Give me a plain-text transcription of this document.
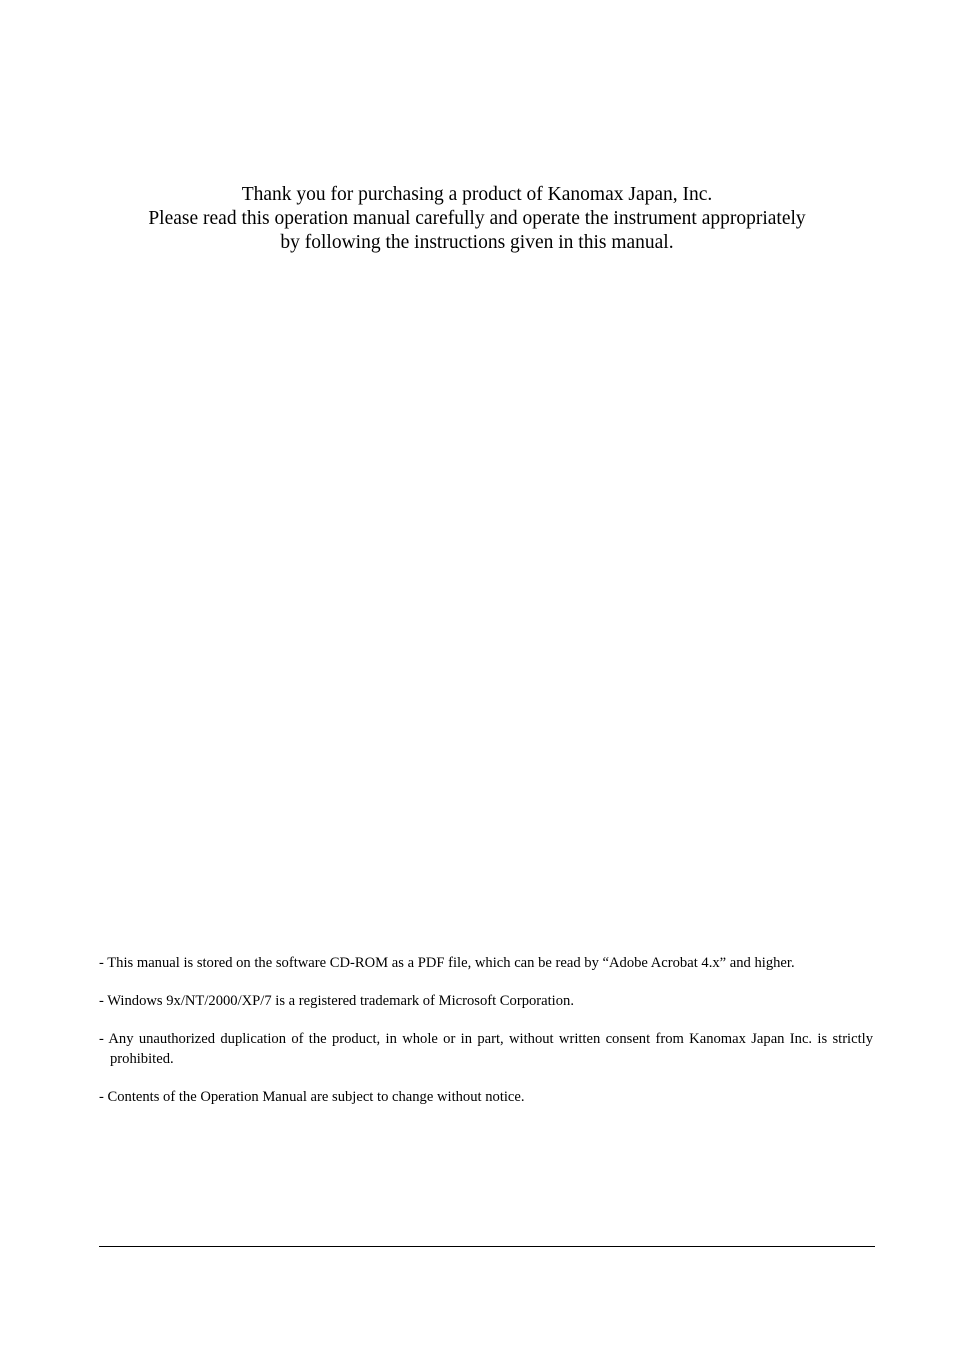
Thank you for purchasing a product of Kanomax Japan, Inc.

Please read this operation manual carefully and operate the instrument appropriately

by following the instructions given in this manual.

- This manual is stored on the software CD-ROM as a PDF file, which can be read by “Adobe Acrobat 4.x” and higher.

- Windows 9x/NT/2000/XP/7 is a registered trademark of Microsoft Corporation.

- Any unauthorized duplication of the product, in whole or in part, without written consent from Kanomax Japan Inc. is strictly prohibited.

- Contents of the Operation Manual are subject to change without notice.
